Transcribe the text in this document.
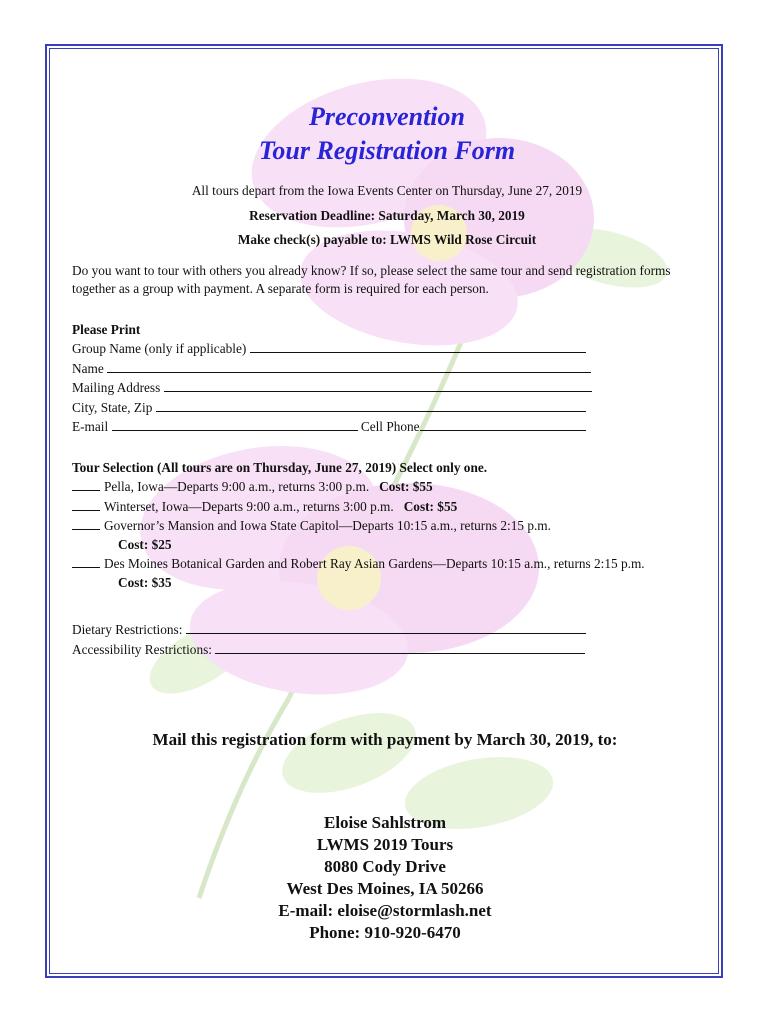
Preconvention
Tour Registration Form
All tours depart from the Iowa Events Center on Thursday, June 27, 2019
Reservation Deadline: Saturday, March 30, 2019
Make check(s) payable to: LWMS Wild Rose Circuit
Do you want to tour with others you already know? If so, please select the same tour and send registration forms together as a group with payment. A separate form is required for each person.
Please Print
Group Name (only if applicable)
Name
Mailing Address
City, State, Zip
E-mail	Cell Phone
Tour Selection (All tours are on Thursday, June 27, 2019) Select only one.
Pella, Iowa—Departs 9:00 a.m., returns 3:00 p.m. Cost: $55
Winterset, Iowa—Departs 9:00 a.m., returns 3:00 p.m. Cost: $55
Governor’s Mansion and Iowa State Capitol—Departs 10:15 a.m., returns 2:15 p.m.
Cost: $25
Des Moines Botanical Garden and Robert Ray Asian Gardens—Departs 10:15 a.m., returns 2:15 p.m.
Cost: $35
Dietary Restrictions:
Accessibility Restrictions:
Mail this registration form with payment by March 30, 2019, to:
Eloise Sahlstrom
LWMS 2019 Tours
8080 Cody Drive
West Des Moines, IA 50266
E-mail: eloise@stormlash.net
Phone: 910-920-6470
